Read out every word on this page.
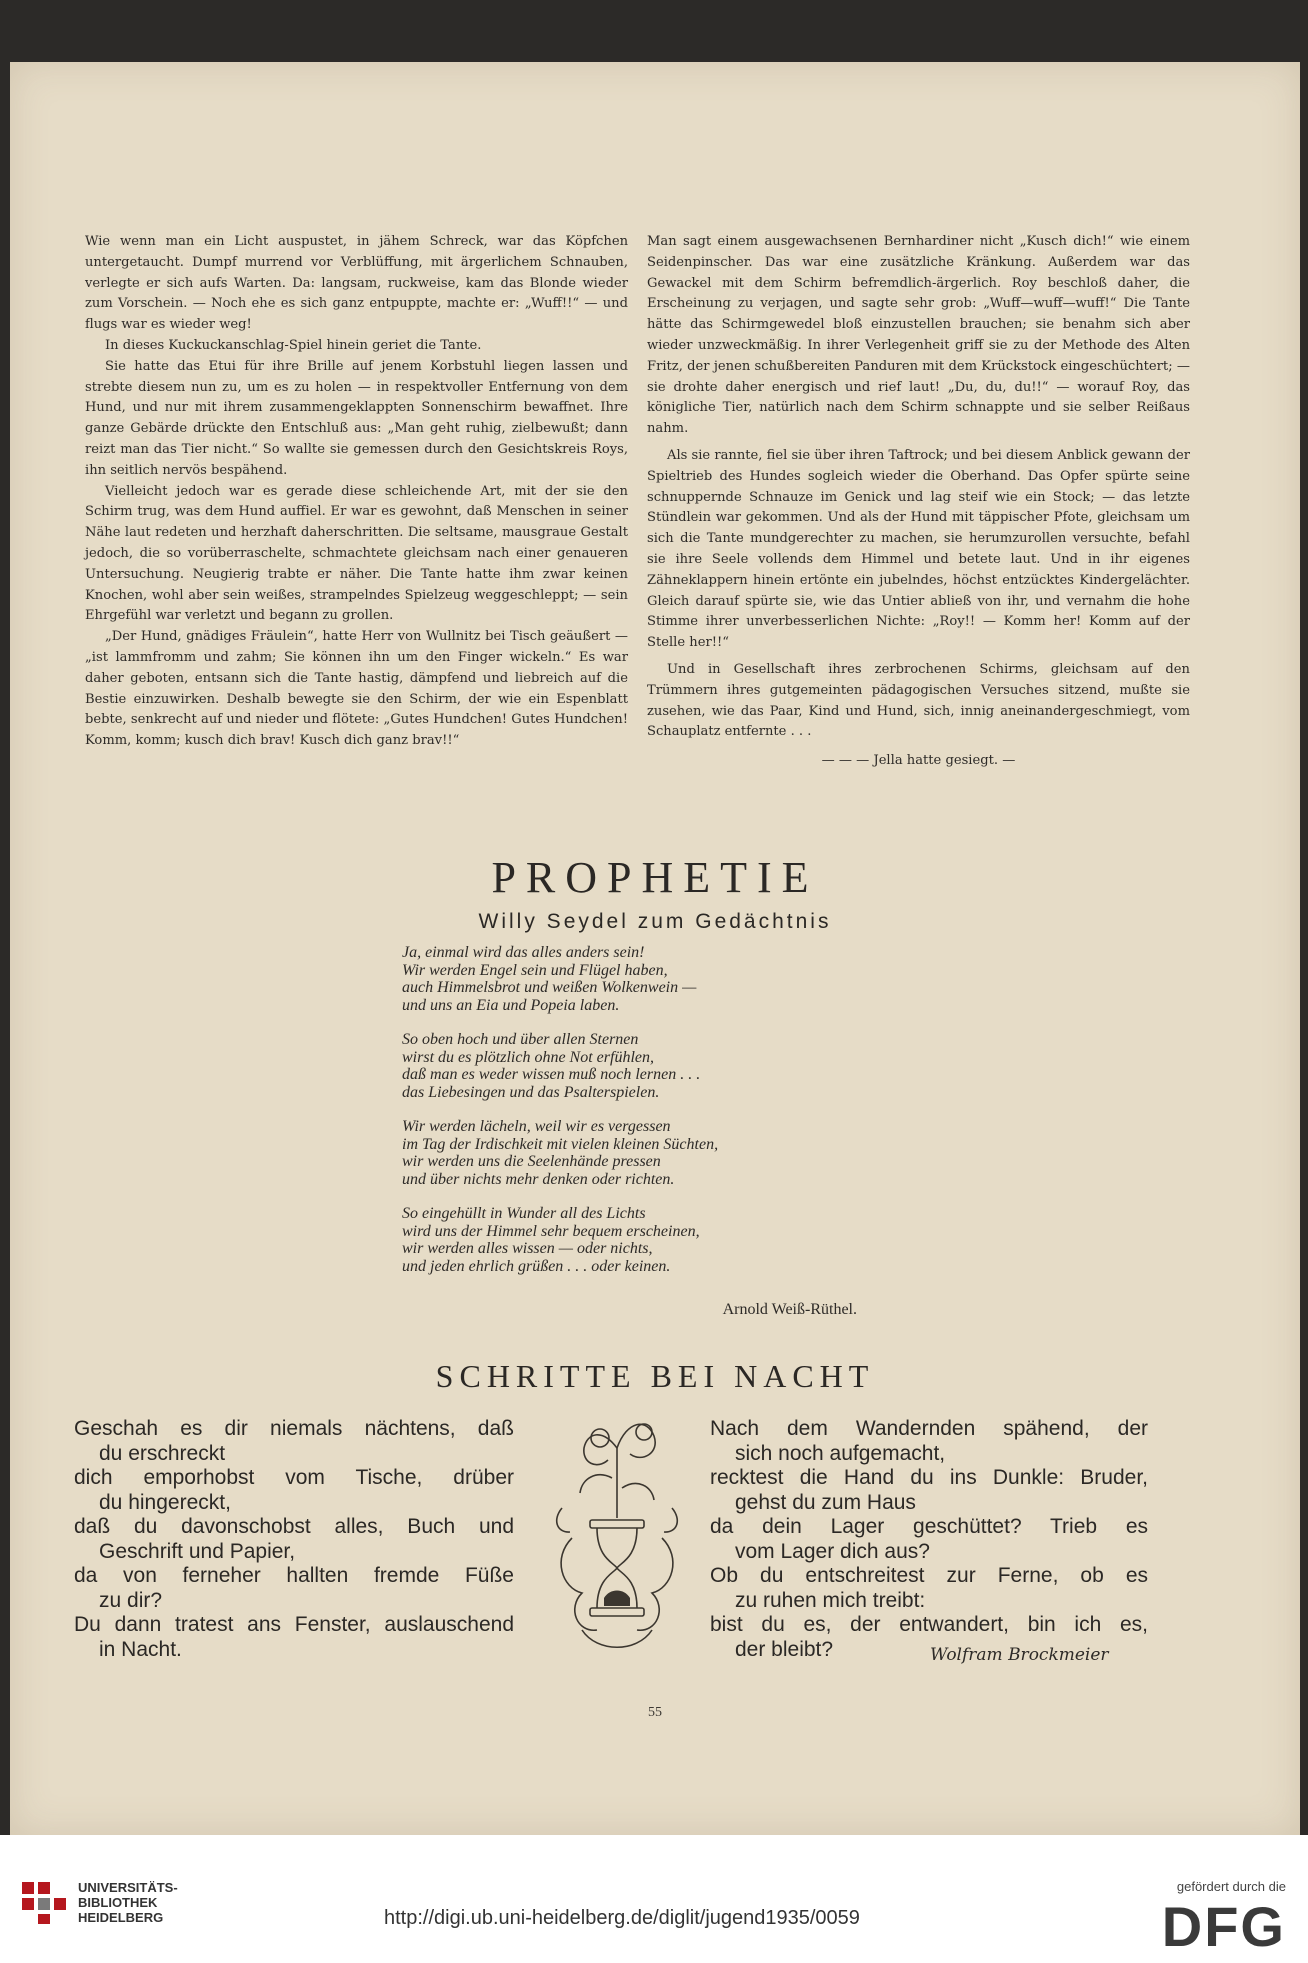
Wie wenn man ein Licht auspustet, in jähem Schreck, war das Köpfchen untergetaucht. Dumpf murrend vor Verblüffung, mit ärgerlichem Schnauben, verlegte er sich aufs Warten. Da: langsam, ruckweise, kam das Blonde wieder zum Vorschein. — Noch ehe es sich ganz entpuppte, machte er: „Wuff!!“ — und flugs war es wieder weg!

In dieses Kuckuckanschlag-Spiel hinein geriet die Tante.

Sie hatte das Etui für ihre Brille auf jenem Korbstuhl liegen lassen und strebte diesem nun zu, um es zu holen — in respektvoller Entfernung von dem Hund, und nur mit ihrem zusammengeklappten Sonnenschirm bewaffnet. Ihre ganze Gebärde drückte den Entschluß aus: „Man geht ruhig, zielbewußt; dann reizt man das Tier nicht.“ So wallte sie gemessen durch den Gesichtskreis Roys, ihn seitlich nervös bespähend.

Vielleicht jedoch war es gerade diese schleichende Art, mit der sie den Schirm trug, was dem Hund auffiel. Er war es gewohnt, daß Menschen in seiner Nähe laut redeten und herzhaft daherschritten. Die seltsame, mausgraue Gestalt jedoch, die so vorüberraschelte, schmachtete gleichsam nach einer genaueren Untersuchung. Neugierig trabte er näher. Die Tante hatte ihm zwar keinen Knochen, wohl aber sein weißes, strampelndes Spielzeug weggeschleppt; — sein Ehrgefühl war verletzt und begann zu grollen.

„Der Hund, gnädiges Fräulein“, hatte Herr von Wullnitz bei Tisch geäußert — „ist lammfromm und zahm; Sie können ihn um den Finger wickeln.“ Es war daher geboten, entsann sich die Tante hastig, dämpfend und liebreich auf die Bestie einzuwirken. Deshalb bewegte sie den Schirm, der wie ein Espenblatt bebte, senkrecht auf und nieder und flötete: „Gutes Hundchen! Gutes Hundchen! Komm, komm; kusch dich brav! Kusch dich ganz brav!!“

Man sagt einem ausgewachsenen Bernhardiner nicht „Kusch dich!“ wie einem Seidenpinscher. Das war eine zusätzliche Kränkung. Außerdem war das Gewackel mit dem Schirm befremdlich-ärgerlich. Roy beschloß daher, die Erscheinung zu verjagen, und sagte sehr grob: „Wuff—wuff—wuff!“ Die Tante hätte das Schirmgewedel bloß einzustellen brauchen; sie benahm sich aber wieder unzweckmäßig. In ihrer Verlegenheit griff sie zu der Methode des Alten Fritz, der jenen schußbereiten Panduren mit dem Krückstock eingeschüchtert; — sie drohte daher energisch und rief laut! „Du, du, du!!“ — worauf Roy, das königliche Tier, natürlich nach dem Schirm schnappte und sie selber Reißaus nahm.

Als sie rannte, fiel sie über ihren Taftrock; und bei diesem Anblick gewann der Spieltrieb des Hundes sogleich wieder die Oberhand. Das Opfer spürte seine schnuppernde Schnauze im Genick und lag steif wie ein Stock; — das letzte Stündlein war gekommen. Und als der Hund mit täppischer Pfote, gleichsam um sich die Tante mundgerechter zu machen, sie herumzurollen versuchte, befahl sie ihre Seele vollends dem Himmel und betete laut. Und in ihr eigenes Zähneklappern hinein ertönte ein jubelndes, höchst entzücktes Kindergelächter. Gleich darauf spürte sie, wie das Untier abließ von ihr, und vernahm die hohe Stimme ihrer unverbesserlichen Nichte: „Roy!! — Komm her! Komm auf der Stelle her!!“

Und in Gesellschaft ihres zerbrochenen Schirms, gleichsam auf den Trümmern ihres gutgemeinten pädagogischen Versuches sitzend, mußte sie zusehen, wie das Paar, Kind und Hund, sich, innig aneinandergeschmiegt, vom Schauplatz entfernte . . .

— — — Jella hatte gesiegt. —

PROPHETIE
Willy Seydel zum Gedächtnis
Ja, einmal wird das alles anders sein!
Wir werden Engel sein und Flügel haben,
auch Himmelsbrot und weißen Wolkenwein —
und uns an Eia und Popeia laben.
So oben hoch und über allen Sternen
wirst du es plötzlich ohne Not erfühlen,
daß man es weder wissen muß noch lernen . . .
das Liebesingen und das Psalterspielen.
Wir werden lächeln, weil wir es vergessen
im Tag der Irdischkeit mit vielen kleinen Süchten,
wir werden uns die Seelenhände pressen
und über nichts mehr denken oder richten.
So eingehüllt in Wunder all des Lichts
wird uns der Himmel sehr bequem erscheinen,
wir werden alles wissen — oder nichts,
und jeden ehrlich grüßen . . . oder keinen.
Arnold Weiß-Rüthel.
SCHRITTE BEI NACHT
Geschah es dir niemals nächtens, daß
du erschreckt
dich emporhobst vom Tische, drüber
du hingereckt,
daß du davonschobst alles, Buch und
Geschrift und Papier,
da von ferneher hallten fremde Füße
zu dir?
Du dann tratest ans Fenster, auslauschend
in Nacht.
Nach dem Wandernden spähend, der
sich noch aufgemacht,
recktest die Hand du ins Dunkle: Bruder,
gehst du zum Haus
da dein Lager geschüttet? Trieb es
vom Lager dich aus?
Ob du entschreitest zur Ferne, ob es
zu ruhen mich treibt:
bist du es, der entwandert, bin ich es,
der bleibt?	Wolfram Brockmeier
55
UNIVERSITÄTS-
BIBLIOTHEK
HEIDELBERG	http://digi.ub.uni-heidelberg.de/diglit/jugend1935/0059
gefördert durch die
DFG
